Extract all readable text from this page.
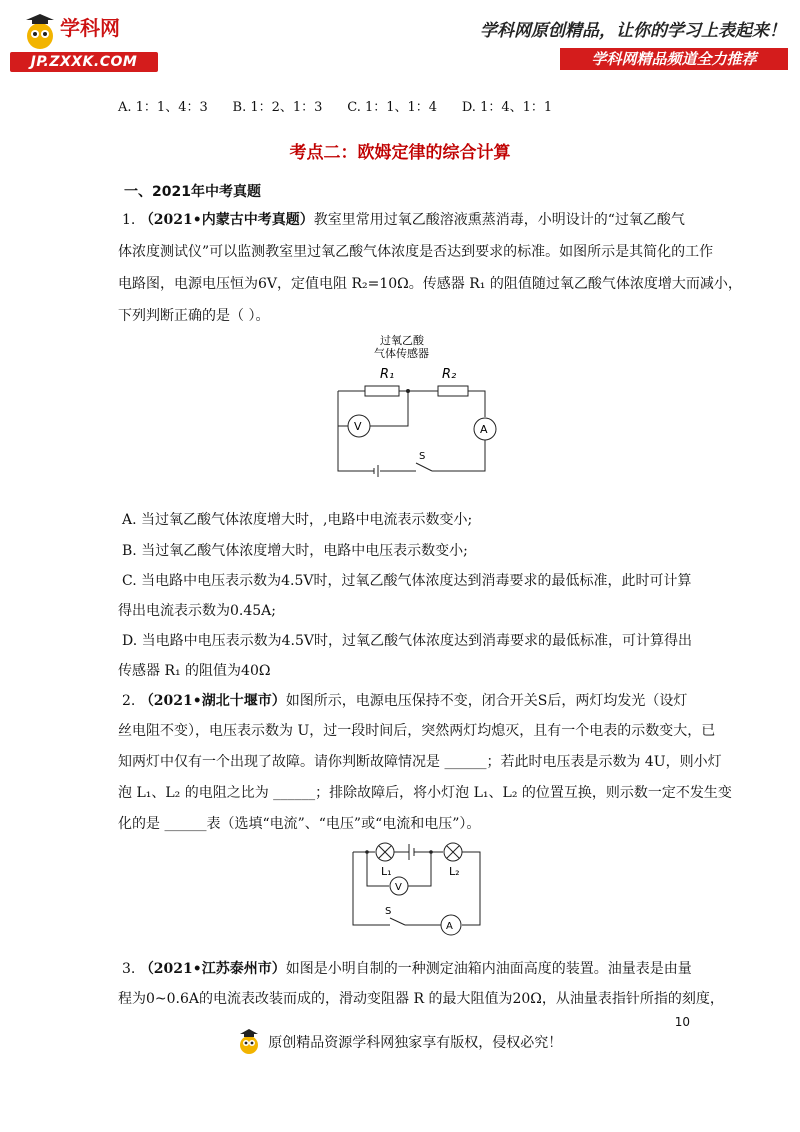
学科网
JP.ZXXK.COM
学科网原创精品，让你的学习上表起来！
学科网精品频道全力推荐
A. 1：1、4：3      B. 1：2、1：3      C. 1：1、1：4      D. 1：4、1：1
考点二：欧姆定律的综合计算
一、2021年中考真题
1. （2021•内蒙古中考真题）教室里常用过氧乙酸溶液熏蒸消毒，小明设计的“过氧乙酸气
体浓度测试仪”可以监测教室里过氧乙酸气体浓度是否达到要求的标准。如图所示是其简化的工作
电路图，电源电压恒为6V，定值电阻 R₂=10Ω。传感器 R₁ 的阻值随过氧乙酸气体浓度增大而减小，
下列判断正确的是（ ）。
过氧乙酸
气体传感器
R₁	R₂
V	A
S
A. 当过氧乙酸气体浓度增大时，,电路中电流表示数变小;
B. 当过氧乙酸气体浓度增大时，电路中电压表示数变小;
C. 当电路中电压表示数为4.5V时，过氧乙酸气体浓度达到消毒要求的最低标准，此时可计算
得出电流表示数为0.45A;
D. 当电路中电压表示数为4.5V时，过氧乙酸气体浓度达到消毒要求的最低标准，可计算得出
传感器 R₁ 的阻值为40Ω
2. （2021•湖北十堰市）如图所示，电源电压保持不变，闭合开关S后，两灯均发光（设灯
丝电阻不变），电压表示数为 U，过一段时间后，突然两灯均熄灭，且有一个电表的示数变大，已
知两灯中仅有一个出现了故障。请你判断故障情况是 ______；若此时电压表是示数为 4U，则小灯
泡 L₁、L₂ 的电阻之比为 ______；排除故障后，将小灯泡 L₁、L₂ 的位置互换，则示数一定不发生变
化的是 ______表（选填“电流”、“电压”或“电流和电压”）。
L₁	L₂
V
A
S
3. （2021•江苏泰州市）如图是小明自制的一种测定油箱内油面高度的装置。油量表是由量
程为0~0.6A的电流表改装而成的，滑动变阻器 R 的最大阻值为20Ω，从油量表指针所指的刻度，
10
原创精品资源学科网独家享有版权，侵权必究！
